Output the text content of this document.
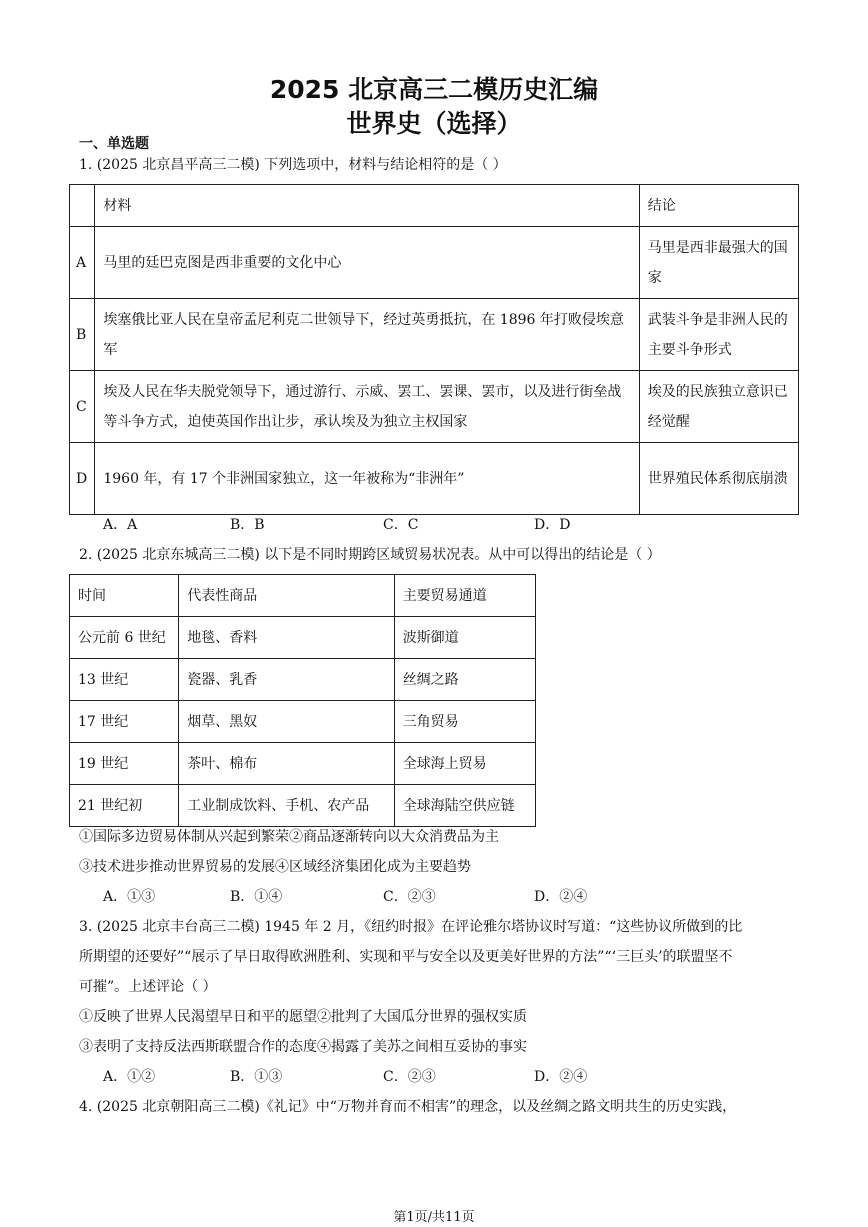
2025 北京高三二模历史汇编
世界史（选择）
一、单选题
1. (2025 北京昌平高三二模) 下列选项中，材料与结论相符的是（ ）
	材料	结论
A	马里的廷巴克图是西非重要的文化中心	马里是西非最强大的国家
B	埃塞俄比亚人民在皇帝孟尼利克二世领导下，经过英勇抵抗，在 1896 年打败侵埃意军	武装斗争是非洲人民的主要斗争形式
C	埃及人民在华夫脱党领导下，通过游行、示威、罢工、罢课、罢市，以及进行街垒战等斗争方式，迫使英国作出让步，承认埃及为独立主权国家	埃及的民族独立意识已经觉醒
D	1960 年，有 17 个非洲国家独立，这一年被称为“非洲年”	世界殖民体系彻底崩溃
A．A	B．B	C．C	D．D
2. (2025 北京东城高三二模) 以下是不同时期跨区域贸易状况表。从中可以得出的结论是（ ）
时间	代表性商品	主要贸易通道
公元前 6 世纪	地毯、香料	波斯御道
13 世纪	瓷器、乳香	丝绸之路
17 世纪	烟草、黑奴	三角贸易
19 世纪	茶叶、棉布	全球海上贸易
21 世纪初	工业制成饮料、手机、农产品	全球海陆空供应链
①国际多边贸易体制从兴起到繁荣②商品逐渐转向以大众消费品为主
③技术进步推动世界贸易的发展④区域经济集团化成为主要趋势
A．①③	B．①④	C．②③	D．②④
3. (2025 北京丰台高三二模) 1945 年 2 月，《纽约时报》在评论雅尔塔协议时写道：“这些协议所做到的比
所期望的还要好”“展示了早日取得欧洲胜利、实现和平与安全以及更美好世界的方法”“‘三巨头’的联盟坚不
可摧”。上述评论（ ）
①反映了世界人民渴望早日和平的愿望②批判了大国瓜分世界的强权实质
③表明了支持反法西斯联盟合作的态度④揭露了美苏之间相互妥协的事实
A．①②	B．①③	C．②③	D．②④
4. (2025 北京朝阳高三二模)《礼记》中“万物并育而不相害”的理念，以及丝绸之路文明共生的历史实践，
第1页/共11页
